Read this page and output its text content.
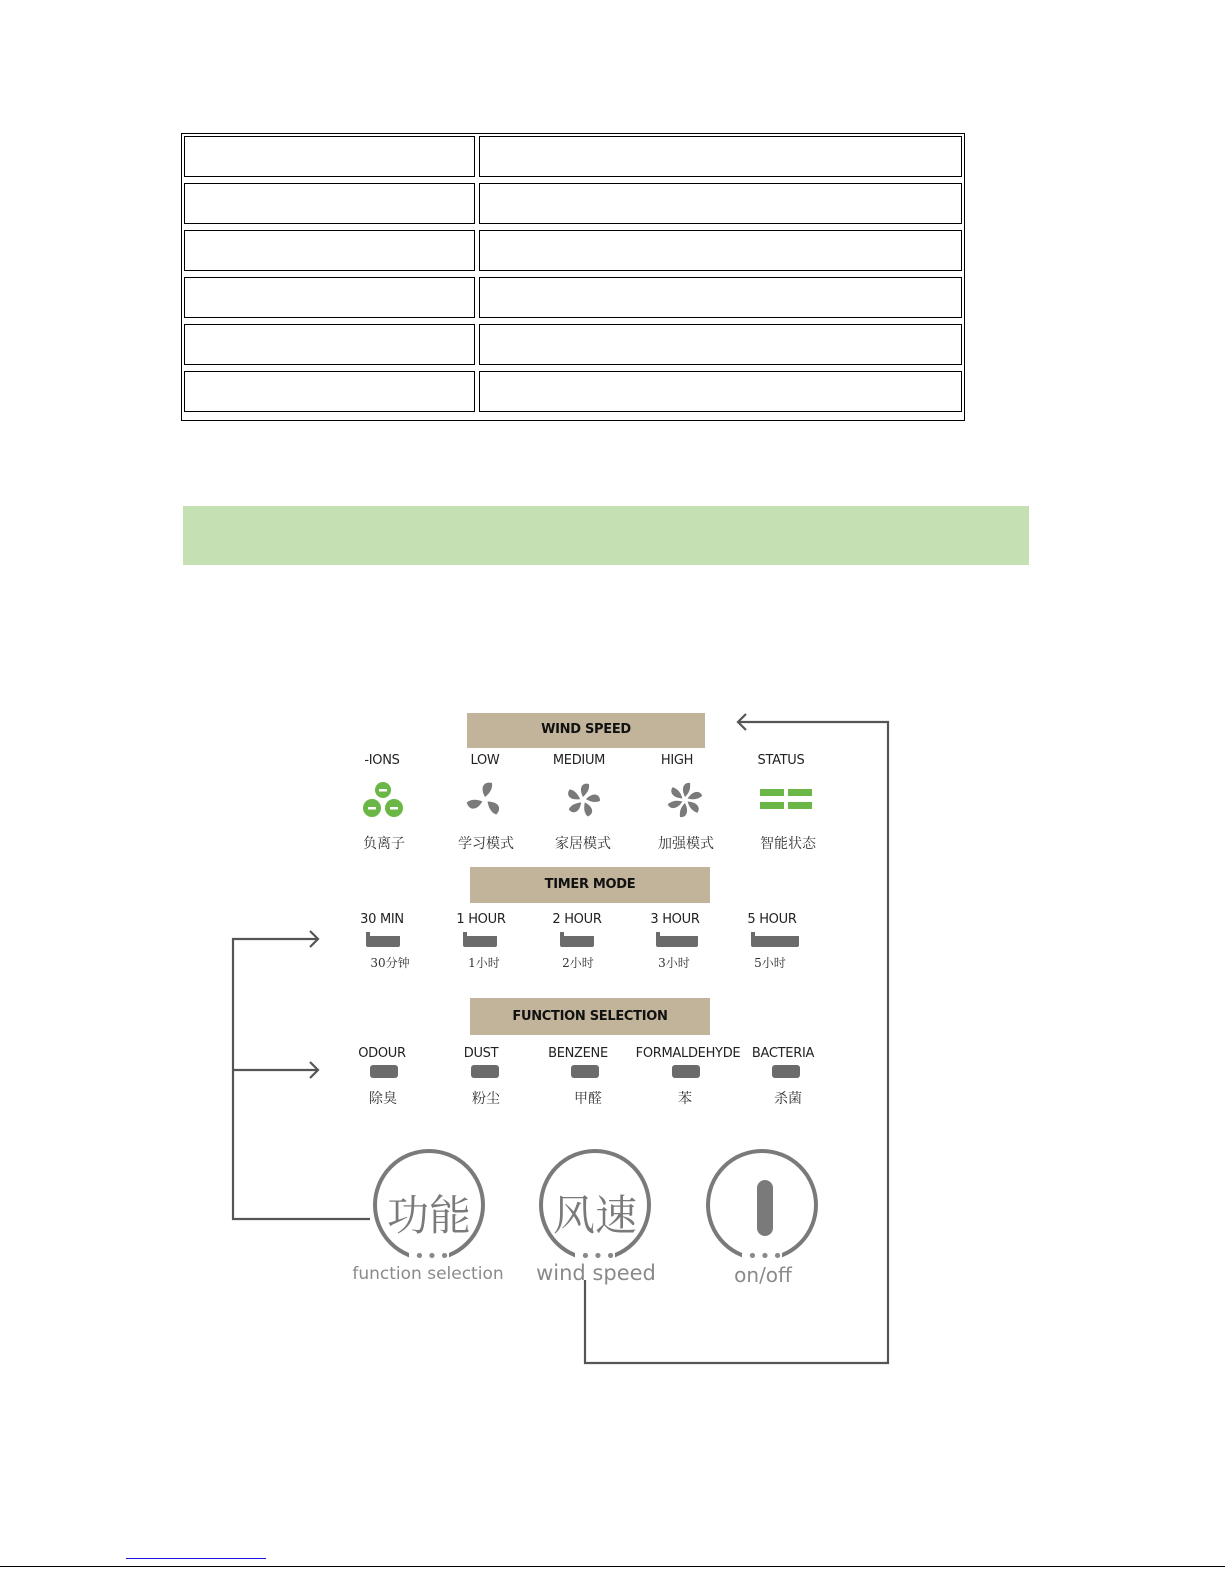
WIND SPEED
-IONS	LOW	MEDIUM	HIGH	STATUS
负离子	学习模式	家居模式	加强模式	智能状态
TIMER MODE
30 MIN	1 HOUR	2 HOUR	3 HOUR	5 HOUR
30分钟	1小时	2小时	3小时	5小时
FUNCTION SELECTION
ODOUR	DUST	BENZENE	FORMALDEHYDE BACTERIA
除臭	粉尘	甲醛	苯	杀菌
功能
•••
风速
•••	•••
function selection	wind speed	on/off
